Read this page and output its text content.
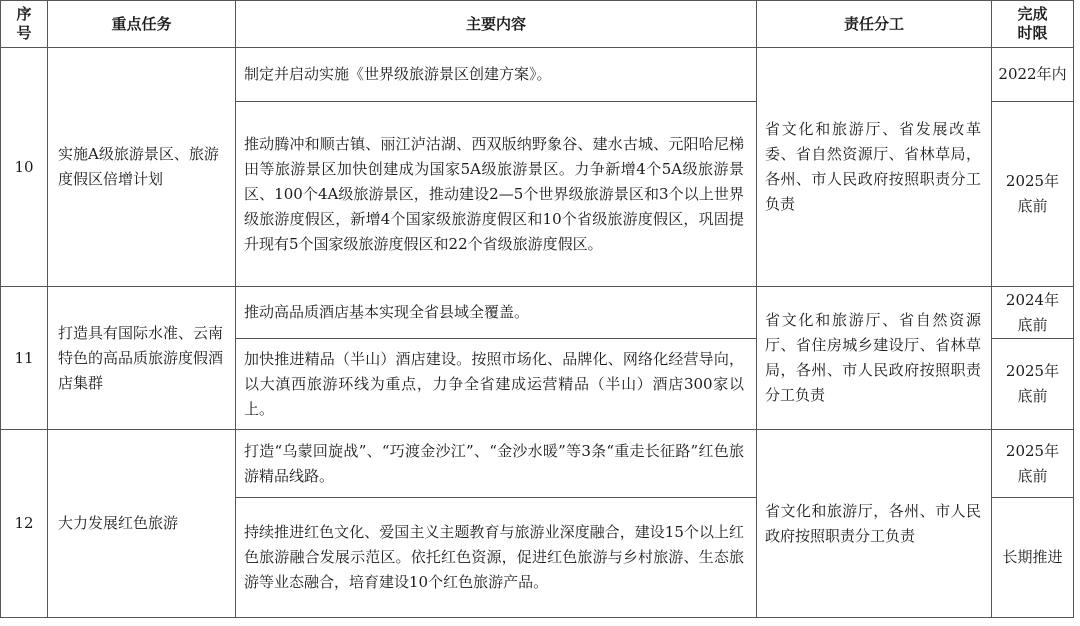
序号	重点任务	主要内容	责任分工	完成时限

10	实施A级旅游景区、旅游度假区倍增计划	制定并启动实施《世界级旅游景区创建方案》。	省文化和旅游厅、省发展改革委、省自然资源厅、省林草局，各州、市人民政府按照职责分工负责	2022年内
		推动腾冲和顺古镇、丽江泸沽湖、西双版纳野象谷、建水古城、元阳哈尼梯田等旅游景区加快创建成为国家5A级旅游景区。力争新增4个5A级旅游景区、100个4A级旅游景区，推动建设2—5个世界级旅游景区和3个以上世界级旅游度假区，新增4个国家级旅游度假区和10个省级旅游度假区，巩固提升现有5个国家级旅游度假区和22个省级旅游度假区。		2025年底前

11	打造具有国际水准、云南特色的高品质旅游度假酒店集群	推动高品质酒店基本实现全省县域全覆盖。	省文化和旅游厅、省自然资源厅、省住房城乡建设厅、省林草局，各州、市人民政府按照职责分工负责	2024年底前

		加快推进精品（半山）酒店建设。按照市场化、品牌化、网络化经营导向，以大滇西旅游环线为重点，力争全省建成运营精品（半山）酒店300家以上。		2025年底前

12	大力发展红色旅游	打造“乌蒙回旋战”、“巧渡金沙江”、“金沙水暖”等3条“重走长征路”红色旅游精品线路。	省文化和旅游厅，各州、市人民政府按照职责分工负责	2025年底前

		持续推进红色文化、爱国主义主题教育与旅游业深度融合，建设15个以上红色旅游融合发展示范区。依托红色资源，促进红色旅游与乡村旅游、生态旅游等业态融合，培育建设10个红色旅游产品。		长期推进
